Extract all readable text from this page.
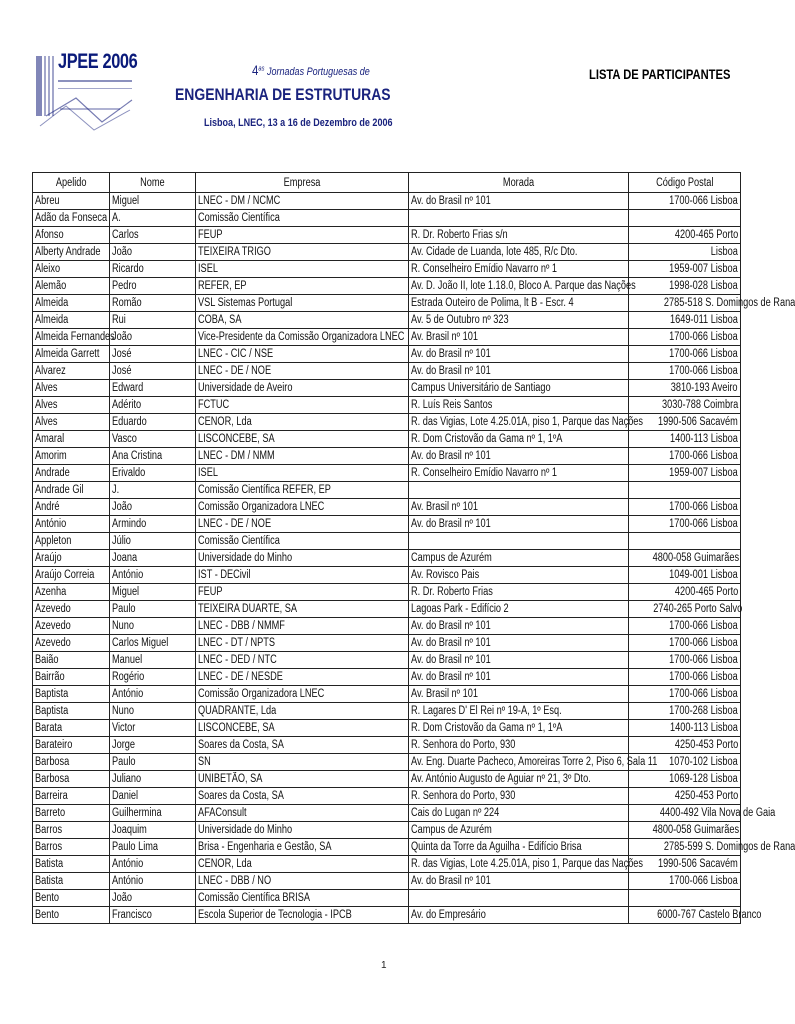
JPEE 2006	$4^{as}$ Jornadas Portuguesas de
ENGENHARIA DE ESTRUTURAS
Lisboa, LNEC, 13 a 16 de Dezembro de 2006
LISTA DE PARTICIPANTES
Apelido	Nome	Empresa	Morada	Código Postal
Abreu	Miguel	LNEC - DM / NCMC	Av. do Brasil nº 101	1700-066 Lisboa
Adão da Fonseca	A.	Comissão Científica		
Afonso	Carlos	FEUP	R. Dr. Roberto Frias s/n	4200-465 Porto
Alberty Andrade	João	TEIXEIRA TRIGO	Av. Cidade de Luanda, lote 485, R/c Dto.	Lisboa
Aleixo	Ricardo	ISEL	R. Conselheiro Emídio Navarro nº 1	1959-007 Lisboa
Alemão	Pedro	REFER, EP	Av. D. João II, lote 1.18.0, Bloco A. Parque das Nações	1998-028 Lisboa
Almeida	Romão	VSL Sistemas Portugal	Estrada Outeiro de Polima, lt B - Escr. 4	2785-518 S. Domingos de Rana
Almeida	Rui	COBA, SA	Av. 5 de Outubro nº 323	1649-011 Lisboa
Almeida Fernandes	João	Vice-Presidente da Comissão Organizadora LNEC	Av. Brasil nº 101	1700-066 Lisboa
Almeida Garrett	José	LNEC - CIC / NSE	Av. do Brasil nº 101	1700-066 Lisboa
Alvarez	José	LNEC - DE / NOE	Av. do Brasil nº 101	1700-066 Lisboa
Alves	Edward	Universidade de Aveiro	Campus Universitário de Santiago	3810-193 Aveiro
Alves	Adérito	FCTUC	R. Luís Reis Santos	3030-788 Coimbra
Alves	Eduardo	CENOR, Lda	R. das Vigias, Lote 4.25.01A, piso 1, Parque das Nações	1990-506 Sacavém
Amaral	Vasco	LISCONCEBE, SA	R. Dom Cristovão da Gama nº 1, 1ºA	1400-113 Lisboa
Amorim	Ana Cristina	LNEC - DM / NMM	Av. do Brasil nº 101	1700-066 Lisboa
Andrade	Erivaldo	ISEL	R. Conselheiro Emídio Navarro nº 1	1959-007 Lisboa
Andrade Gil	J.	Comissão Científica REFER, EP		
André	João	Comissão Organizadora LNEC	Av. Brasil nº 101	1700-066 Lisboa
António	Armindo	LNEC - DE / NOE	Av. do Brasil nº 101	1700-066 Lisboa
Appleton	Júlio	Comissão Científica		
Araújo	Joana	Universidade do Minho	Campus de Azurém	4800-058 Guimarães
Araújo Correia	António	IST - DECivil	Av. Rovisco Pais	1049-001 Lisboa
Azenha	Miguel	FEUP	R. Dr. Roberto Frias	4200-465 Porto
Azevedo	Paulo	TEIXEIRA DUARTE, SA	Lagoas Park - Edifício 2	2740-265 Porto Salvo
Azevedo	Nuno	LNEC - DBB / NMMF	Av. do Brasil nº 101	1700-066 Lisboa
Azevedo	Carlos Miguel	LNEC - DT / NPTS	Av. do Brasil nº 101	1700-066 Lisboa
Baião	Manuel	LNEC - DED / NTC	Av. do Brasil nº 101	1700-066 Lisboa
Bairrão	Rogério	LNEC - DE / NESDE	Av. do Brasil nº 101	1700-066 Lisboa
Baptista	António	Comissão Organizadora LNEC	Av. Brasil nº 101	1700-066 Lisboa
Baptista	Nuno	QUADRANTE, Lda	R. Lagares D' El Rei nº 19-A, 1º Esq.	1700-268 Lisboa
Barata	Victor	LISCONCEBE, SA	R. Dom Cristovão da Gama nº 1, 1ºA	1400-113 Lisboa
Barateiro	Jorge	Soares da Costa, SA	R. Senhora do Porto, 930	4250-453 Porto
Barbosa	Paulo	SN	Av. Eng. Duarte Pacheco, Amoreiras Torre 2, Piso 6, Sala 11	1070-102 Lisboa
Barbosa	Juliano	UNIBETÃO, SA	Av. António Augusto de Aguiar nº 21, 3º Dto.	1069-128 Lisboa
Barreira	Daniel	Soares da Costa, SA	R. Senhora do Porto, 930	4250-453 Porto
Barreto	Guilhermina	AFAConsult	Cais do Lugan nº 224	4400-492 Vila Nova de Gaia
Barros	Joaquim	Universidade do Minho	Campus de Azurém	4800-058 Guimarães
Barros	Paulo Lima	Brisa - Engenharia e Gestão, SA	Quinta da Torre da Aguilha - Edifício Brisa	2785-599 S. Domingos de Rana
Batista	António	CENOR, Lda	R. das Vigias, Lote 4.25.01A, piso 1, Parque das Nações	1990-506 Sacavém
Batista	António	LNEC - DBB / NO	Av. do Brasil nº 101	1700-066 Lisboa
Bento	João	Comissão Científica BRISA		
Bento	Francisco	Escola Superior de Tecnologia - IPCB	Av. do Empresário	6000-767 Castelo Branco
1
